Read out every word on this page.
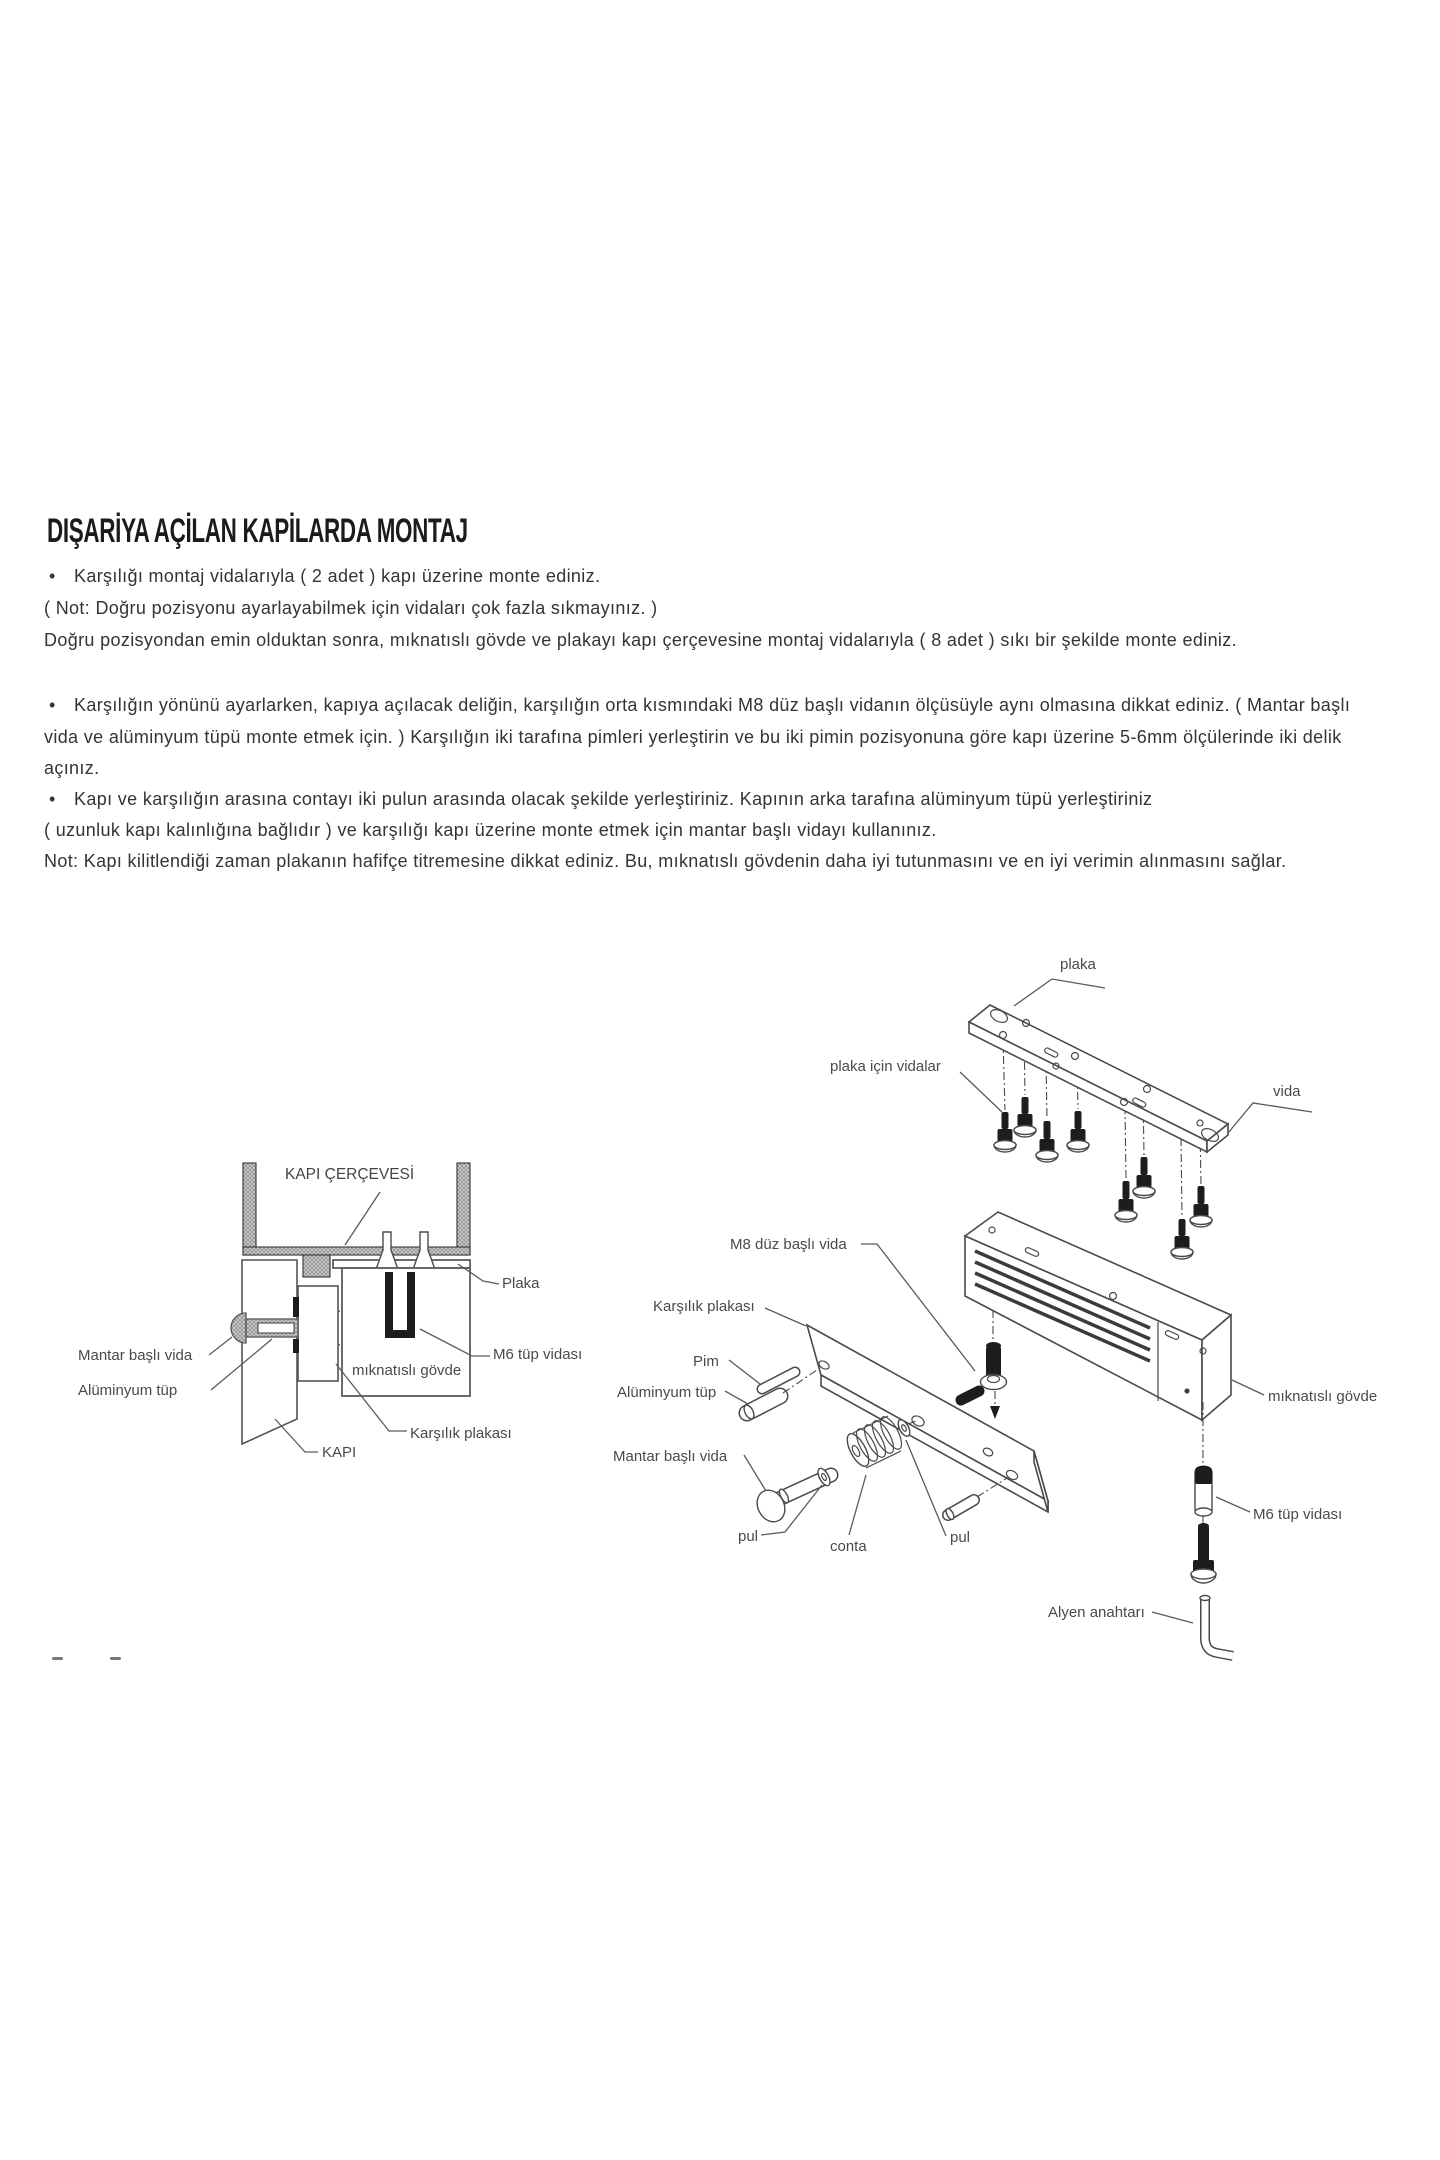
DIŞARİYA AÇİLAN KAPİLARDA MONTAJ
• Karşılığı montaj vidalarıyla ( 2 adet ) kapı üzerine monte ediniz.
( Not: Doğru pozisyonu ayarlayabilmek için vidaları çok fazla sıkmayınız. )
Doğru pozisyondan emin olduktan sonra, mıknatıslı gövde ve plakayı kapı çerçevesine montaj vidalarıyla ( 8 adet ) sıkı bir şekilde monte ediniz.
• Karşılığın yönünü ayarlarken, kapıya açılacak deliğin, karşılığın orta kısmındaki M8 düz başlı vidanın ölçüsüyle aynı olmasına dikkat ediniz. ( Mantar başlı
vida ve alüminyum tüpü monte etmek için. ) Karşılığın iki tarafına pimleri yerleştirin ve bu iki pimin pozisyonuna göre kapı üzerine 5-6mm ölçülerinde iki delik
açınız.
• Kapı ve karşılığın arasına contayı iki pulun arasında olacak şekilde yerleştiriniz. Kapının arka tarafına alüminyum tüpü yerleştiriniz
( uzunluk kapı kalınlığına bağlıdır ) ve karşılığı kapı üzerine monte etmek için mantar başlı vidayı kullanınız.
Not: Kapı kilitlendiği zaman plakanın hafifçe titremesine dikkat ediniz. Bu, mıknatıslı gövdenin daha iyi tutunmasını ve en iyi verimin alınmasını sağlar.
plaka
plaka için vidalar
vida
M8 düz başlı vida
Karşılık plakası
Pim
Alüminyum tüp
Mantar başlı vida
pul
conta
pul
mıknatıslı gövde
M6 tüp vidası
Alyen anahtarı
KAPI ÇERÇEVESİ
Plaka
M6 tüp vidası
mıknatıslı gövde
Mantar başlı vida
Alüminyum tüp
KAPI
Karşılık plakası
